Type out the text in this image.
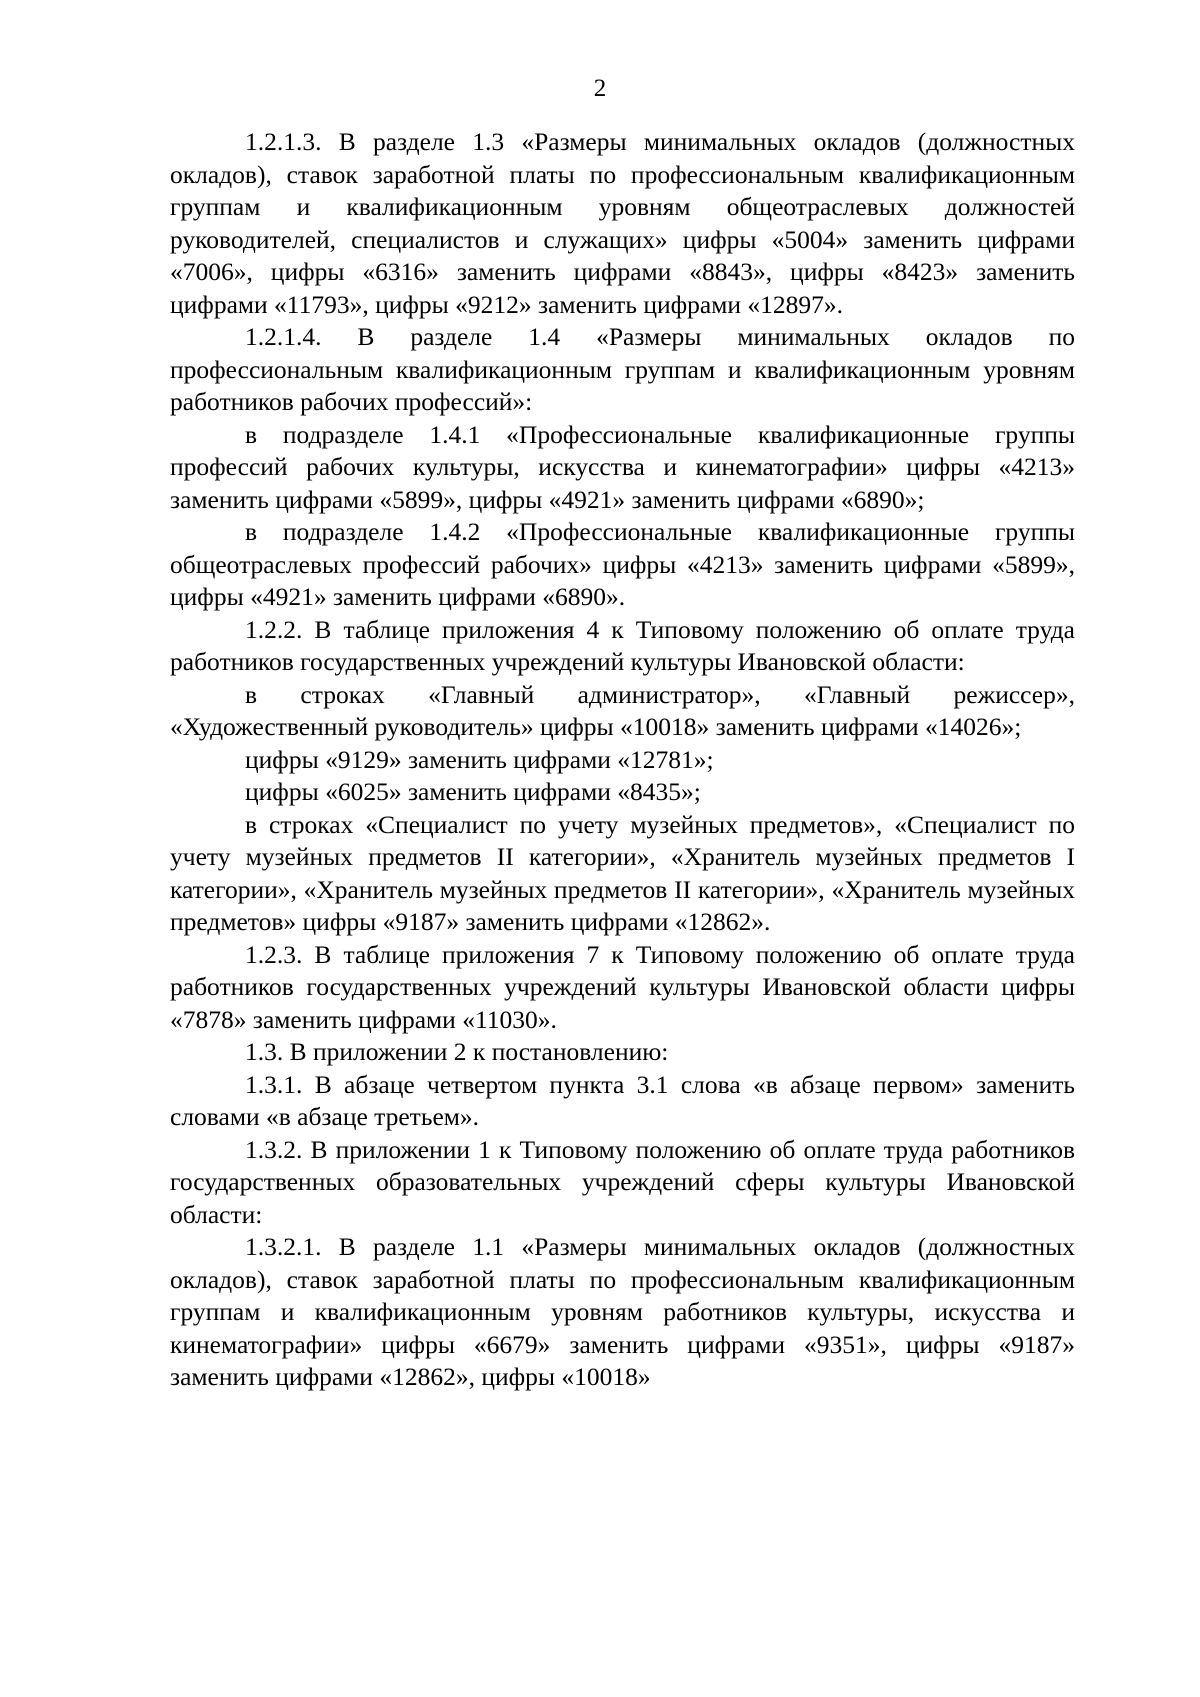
2

1.2.1.3. В разделе 1.3 «Размеры минимальных окладов (должностных окладов), ставок заработной платы по профессиональным квалификационным группам и квалификационным уровням общеотраслевых должностей руководителей, специалистов и служащих» цифры «5004» заменить цифрами «7006», цифры «6316» заменить цифрами «8843», цифры «8423» заменить цифрами «11793», цифры «9212» заменить цифрами «12897».

1.2.1.4. В разделе 1.4 «Размеры минимальных окладов по профессиональным квалификационным группам и квалификационным уровням работников рабочих профессий»:

в подразделе 1.4.1 «Профессиональные квалификационные группы профессий рабочих культуры, искусства и кинематографии» цифры «4213» заменить цифрами «5899», цифры «4921» заменить цифрами «6890»;

в подразделе 1.4.2 «Профессиональные квалификационные группы общеотраслевых профессий рабочих» цифры «4213» заменить цифрами «5899», цифры «4921» заменить цифрами «6890».

1.2.2. В таблице приложения 4 к Типовому положению об оплате труда работников государственных учреждений культуры Ивановской области:

в строках «Главный администратор», «Главный режиссер», «Художественный руководитель» цифры «10018» заменить цифрами «14026»;

цифры «9129» заменить цифрами «12781»;

цифры «6025» заменить цифрами «8435»;

в строках «Специалист по учету музейных предметов», «Специалист по учету музейных предметов II категории», «Хранитель музейных предметов I категории», «Хранитель музейных предметов II категории», «Хранитель музейных предметов» цифры «9187» заменить цифрами «12862».

1.2.3. В таблице приложения 7 к Типовому положению об оплате труда работников государственных учреждений культуры Ивановской области цифры «7878» заменить цифрами «11030».

1.3. В приложении 2 к постановлению:

1.3.1. В абзаце четвертом пункта 3.1 слова «в абзаце первом» заменить словами «в абзаце третьем».

1.3.2. В приложении 1 к Типовому положению об оплате труда работников государственных образовательных учреждений сферы культуры Ивановской области:

1.3.2.1. В разделе 1.1 «Размеры минимальных окладов (должностных окладов), ставок заработной платы по профессиональным квалификационным группам и квалификационным уровням работников культуры, искусства и кинематографии» цифры «6679» заменить цифрами «9351», цифры «9187» заменить цифрами «12862», цифры «10018»
